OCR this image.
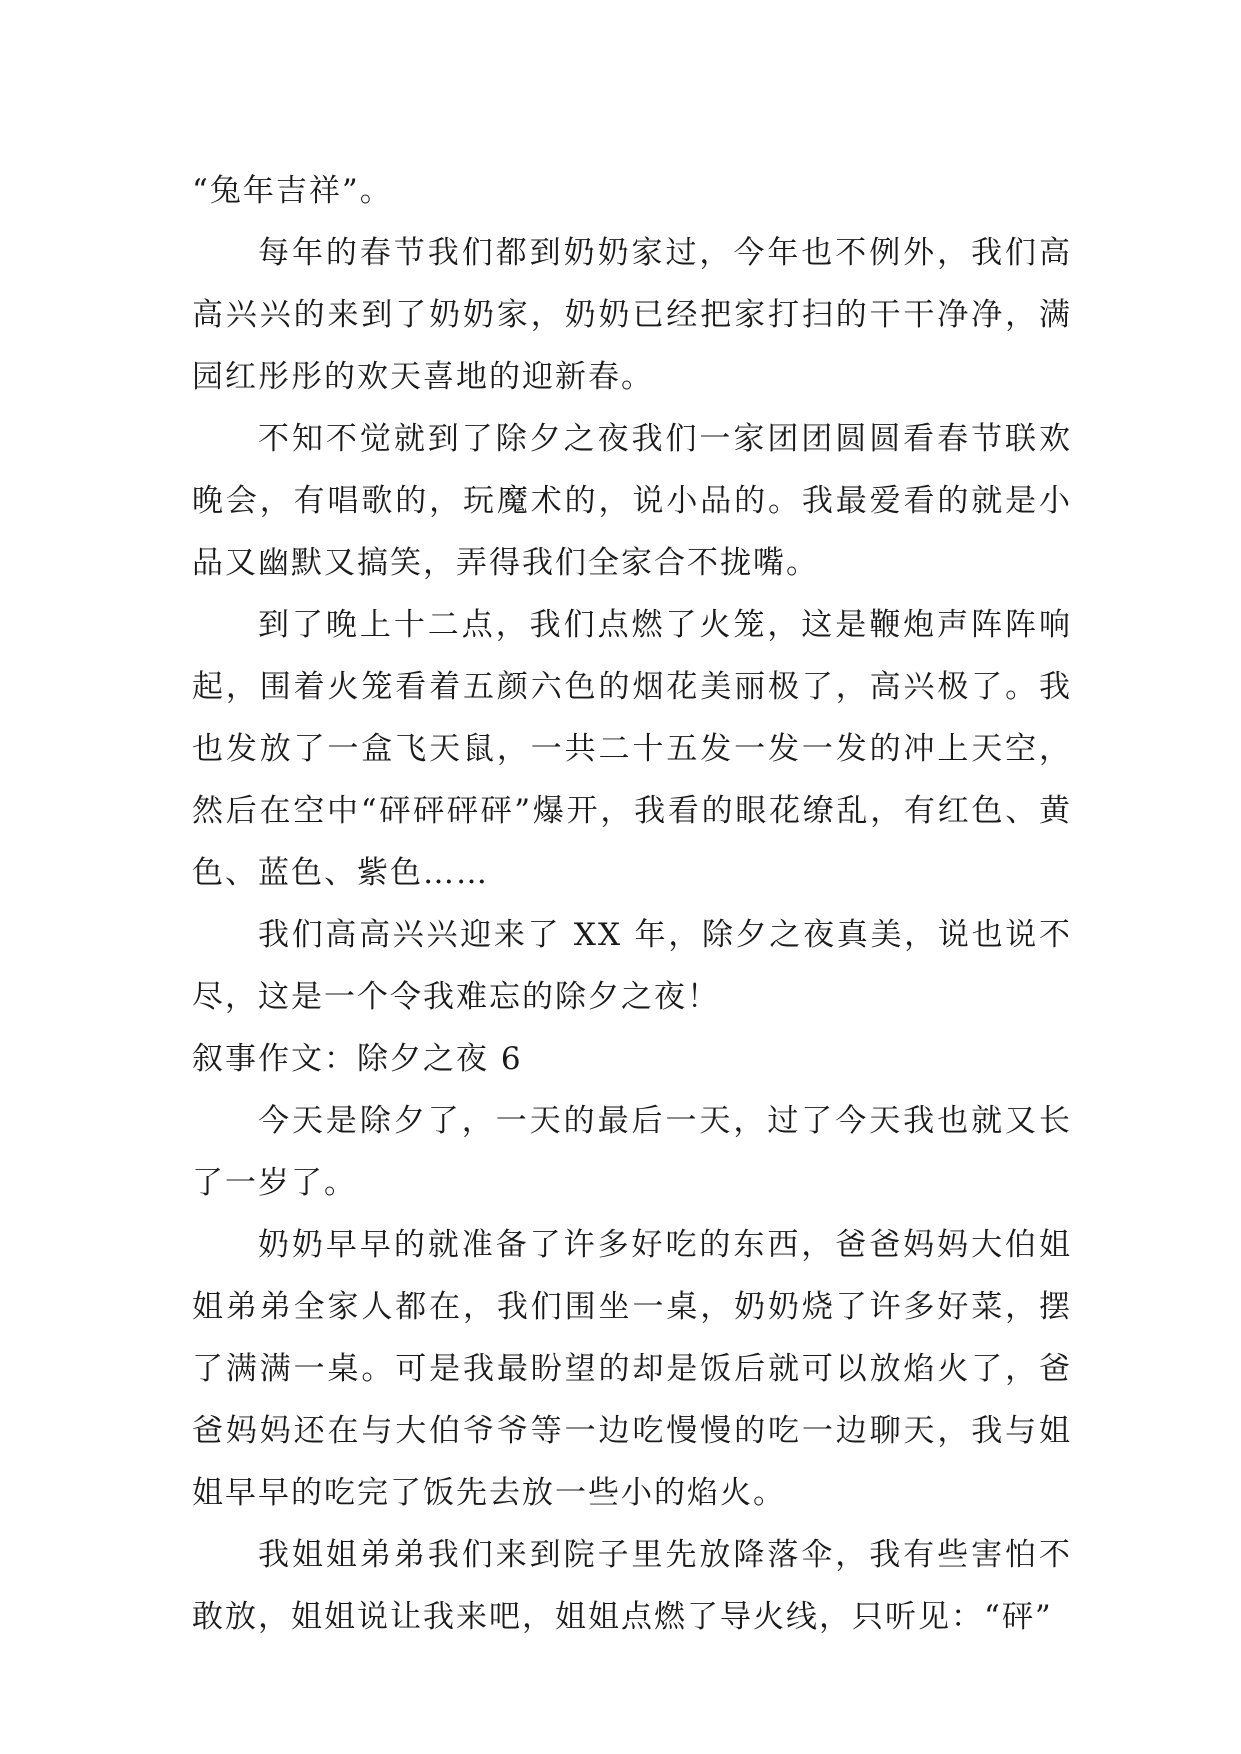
“兔年吉祥”。

每年的春节我们都到奶奶家过，今年也不例外，我们高高兴兴的来到了奶奶家，奶奶已经把家打扫的干干净净，满园红彤彤的欢天喜地的迎新春。

不知不觉就到了除夕之夜我们一家团团圆圆看春节联欢晚会，有唱歌的，玩魔术的，说小品的。我最爱看的就是小品又幽默又搞笑，弄得我们全家合不拢嘴。

到了晚上十二点，我们点燃了火笼，这是鞭炮声阵阵响起，围着火笼看着五颜六色的烟花美丽极了，高兴极了。我也发放了一盒飞天鼠，一共二十五发一发一发的冲上天空，然后在空中“砰砰砰砰”爆开，我看的眼花缭乱，有红色、黄色、蓝色、紫色……

我们高高兴兴迎来了 XX 年，除夕之夜真美，说也说不尽，这是一个令我难忘的除夕之夜！

叙事作文：除夕之夜 6

今天是除夕了，一天的最后一天，过了今天我也就又长了一岁了。

奶奶早早的就准备了许多好吃的东西，爸爸妈妈大伯姐姐弟弟全家人都在，我们围坐一桌，奶奶烧了许多好菜，摆了满满一桌。可是我最盼望的却是饭后就可以放焰火了，爸爸妈妈还在与大伯爷爷等一边吃慢慢的吃一边聊天，我与姐姐早早的吃完了饭先去放一些小的焰火。

我姐姐弟弟我们来到院子里先放降落伞，我有些害怕不敢放，姐姐说让我来吧，姐姐点燃了导火线，只听见：“砰”
